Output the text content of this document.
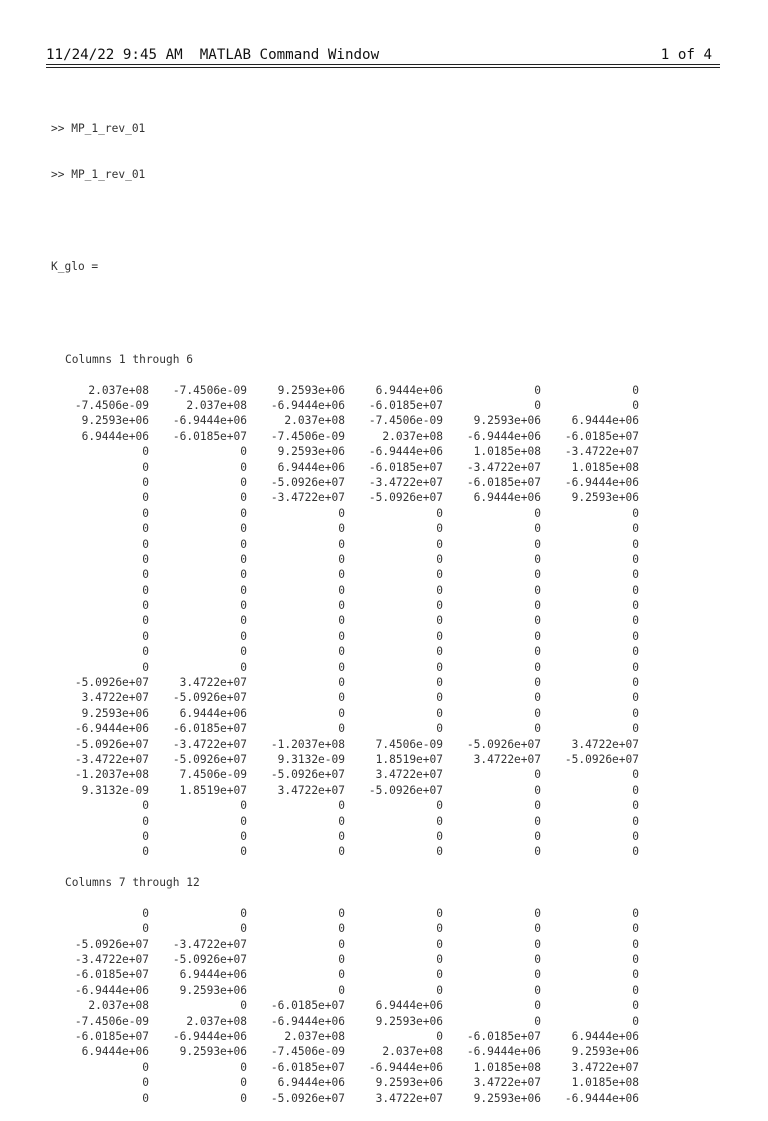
11/24/22 9:45 AM MATLAB Command Window

	1 of 4

>> MP_1_rev_01

>> MP_1_rev_01

K_glo =

Columns 1 through 6
2.037e+08	-7.4506e-09	9.2593e+06	6.9444e+06	0	0
-7.4506e-09	2.037e+08	-6.9444e+06	-6.0185e+07	0	0
9.2593e+06	-6.9444e+06	2.037e+08	-7.4506e-09	9.2593e+06	6.9444e+06
6.9444e+06	-6.0185e+07	-7.4506e-09	2.037e+08	-6.9444e+06	-6.0185e+07
0	0	9.2593e+06	-6.9444e+06	1.0185e+08	-3.4722e+07
0	0	6.9444e+06	-6.0185e+07	-3.4722e+07	1.0185e+08
0	0	-5.0926e+07	-3.4722e+07	-6.0185e+07	-6.9444e+06
0	0	-3.4722e+07	-5.0926e+07	6.9444e+06	9.2593e+06
0	0	0	0	0	0
0	0	0	0	0	0
0	0	0	0	0	0
0	0	0	0	0	0
0	0	0	0	0	0
0	0	0	0	0	0
0	0	0	0	0	0
0	0	0	0	0	0
0	0	0	0	0	0
0	0	0	0	0	0
0	0	0	0	0	0
-5.0926e+07	3.4722e+07	0	0	0	0
3.4722e+07	-5.0926e+07	0	0	0	0
9.2593e+06	6.9444e+06	0	0	0	0
-6.9444e+06	-6.0185e+07	0	0	0	0
-5.0926e+07	-3.4722e+07	-1.2037e+08	7.4506e-09	-5.0926e+07	3.4722e+07
-3.4722e+07	-5.0926e+07	9.3132e-09	1.8519e+07	3.4722e+07	-5.0926e+07
-1.2037e+08	7.4506e-09	-5.0926e+07	3.4722e+07	0	0
9.3132e-09	1.8519e+07	3.4722e+07	-5.0926e+07	0	0
0	0	0	0	0	0
0	0	0	0	0	0
0	0	0	0	0	0
0	0	0	0	0	0
Columns 7 through 12
0	0	0	0	0	0
0	0	0	0	0	0
-5.0926e+07	-3.4722e+07	0	0	0	0
-3.4722e+07	-5.0926e+07	0	0	0	0
-6.0185e+07	6.9444e+06	0	0	0	0
-6.9444e+06	9.2593e+06	0	0	0	0
2.037e+08	0	-6.0185e+07	6.9444e+06	0	0
-7.4506e-09	2.037e+08	-6.9444e+06	9.2593e+06	0	0
-6.0185e+07	-6.9444e+06	2.037e+08	0	-6.0185e+07	6.9444e+06
6.9444e+06	9.2593e+06	-7.4506e-09	2.037e+08	-6.9444e+06	9.2593e+06
0	0	-6.0185e+07	-6.9444e+06	1.0185e+08	3.4722e+07
0	0	6.9444e+06	9.2593e+06	3.4722e+07	1.0185e+08
0	0	-5.0926e+07	3.4722e+07	9.2593e+06	-6.9444e+06
